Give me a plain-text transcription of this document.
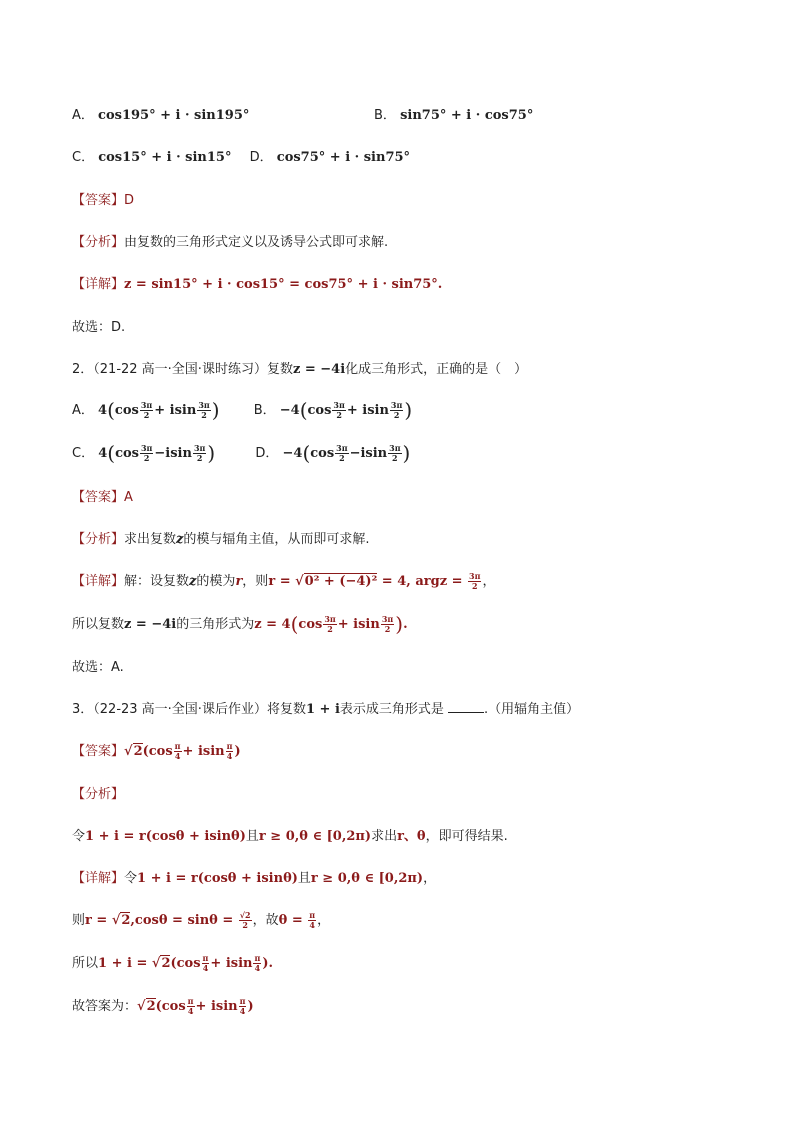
A． cos195° + i · sin195°	B． sin75° + i · cos75°
C． cos15° + i · sin15° D． cos75° + i · sin75°
【答案】D
【分析】由复数的三角形式定义以及诱导公式即可求解.
【详解】z = sin15° + i · cos15° = cos75° + i · sin75°.
故选：D.
2．（21-22 高一·全国·课时练习）复数z = −4i化成三角形式，正确的是（　）
A． $4(\cos \frac{3\pi}{2} + isin \frac{3\pi}{2}$ )	B． $-4(\cos \frac{3\pi}{2} + isin \frac{3\pi}{2}$ )
C． $4(\cos \frac{3\pi}{2} -isin \frac{3\pi}{2}$ )	D． $-4(\cos \frac{3\pi}{2} -isin \frac{3\pi}{2}$ )
【答案】A
【分析】求出复数z的模与辐角主值，从而即可求解.
【详解】解：设复数z的模为r，则r = √0² + (−4)² = 4, argz = $\frac{3\pi}{2}$ ，
所以复数z = −4i的三角形式为$z = 4(\cos \frac{3\pi}{2} + isin \frac{3\pi}{2}$ ).
故选：A.
3．（22-23 高一·全国·课后作业）将复数1 + i表示成三角形式是	.（用辐角主值）
【答案】$√2(\cos \frac{\pi}{4} + isin \frac{\pi}{4}$ )
【分析】
令1 + i = r(cosθ + isinθ)且r ≥ 0,θ ∈ [0,2π)求出r、θ，即可得结果.
【详解】令1 + i = r(cosθ + isinθ)且r ≥ 0,θ ∈ [0,2π)，
则$r = √2,\cos\theta = \sin\theta = \frac{√2}{2}$ ，故$\theta = \frac{\pi}{4}$ ，
所以$1 + i = √2(\cos \frac{\pi}{4} + isin \frac{\pi}{4}$ ).
故答案为：$√2(\cos \frac{\pi}{4} + isin \frac{\pi}{4}$ )
